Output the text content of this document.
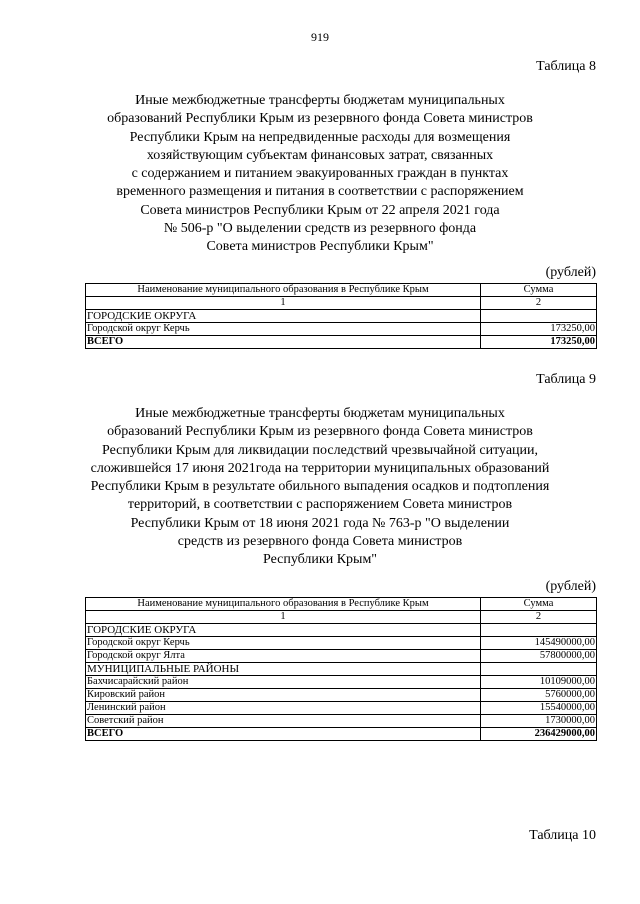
919
Таблица 8
Иные межбюджетные трансферты бюджетам муниципальных
образований Республики Крым из резервного фонда Совета министров
Республики Крым на непредвиденные расходы для возмещения
хозяйствующим субъектам финансовых затрат, связанных
с содержанием и питанием эвакуированных граждан в пунктах
временного размещения и питания в соответствии с распоряжением
Совета министров Республики Крым от 22 апреля 2021 года
№ 506-р "О выделении средств из резервного фонда
Совета министров Республики Крым"
(рублей)
Наименование муниципального образования в Республике Крым	Сумма
1	2
ГОРОДСКИЕ ОКРУГА	
Городской округ Керчь	173250,00
ВСЕГО	173250,00
Таблица 9
Иные межбюджетные трансферты бюджетам муниципальных
образований Республики Крым из резервного фонда Совета министров
Республики Крым для ликвидации последствий чрезвычайной ситуации,
сложившейся 17 июня 2021года на территории муниципальных образований
Республики Крым в результате обильного выпадения осадков и подтопления
территорий, в соответствии с распоряжением Совета министров
Республики Крым от 18 июня 2021 года № 763-р "О выделении
средств из резервного фонда Совета министров
Республики Крым"
(рублей)
Наименование муниципального образования в Республике Крым	Сумма
1	2
ГОРОДСКИЕ ОКРУГА	
Городской округ Керчь	145490000,00
Городской округ Ялта	57800000,00
МУНИЦИПАЛЬНЫЕ РАЙОНЫ	
Бахчисарайский район	10109000,00
Кировский район	5760000,00
Ленинский район	15540000,00
Советский район	1730000,00
ВСЕГО	236429000,00
Таблица 10
